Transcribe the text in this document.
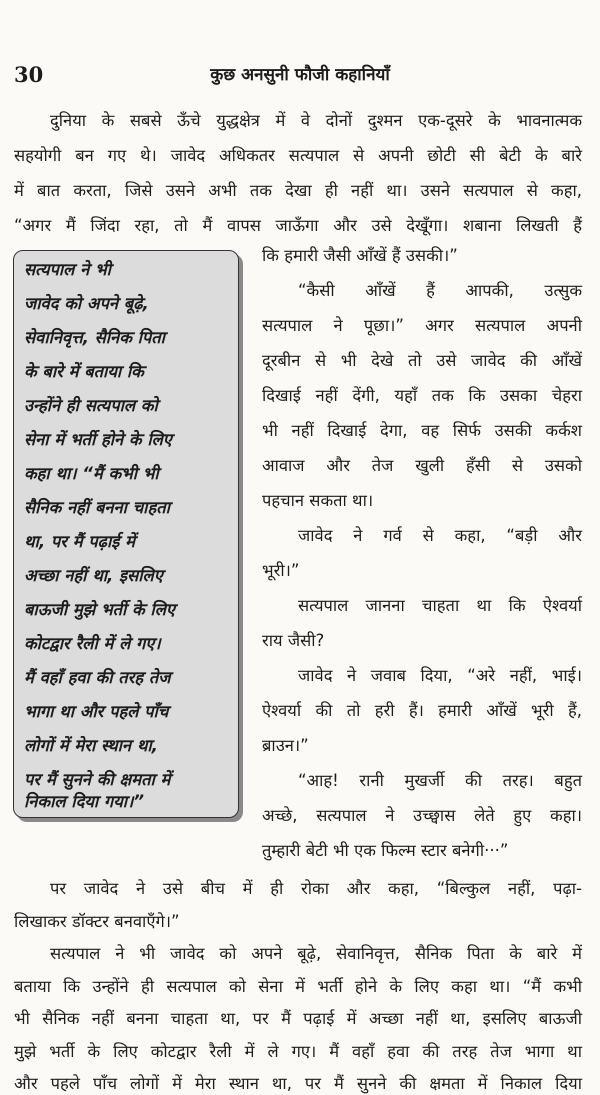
30	कुछ अनसुनी फौजी कहानियाँ
दुनिया के सबसे ऊँचे युद्धक्षेत्र में वे दोनों दुश्मन एक-दूसरे के भावनात्मक
सहयोगी बन गए थे। जावेद अधिकतर सत्यपाल से अपनी छोटी सी बेटी के बारे
में बात करता, जिसे उसने अभी तक देखा ही नहीं था। उसने सत्यपाल से कहा,
“अगर मैं जिंदा रहा, तो मैं वापस जाऊँगा और उसे देखूँगा। शबाना लिखती हैं
सत्यपाल ने भी
जावेद को अपने बूढ़े,
सेवानिवृत्त, सैनिक पिता
के बारे में बताया कि
उन्होंने ही सत्यपाल को
सेना में भर्ती होने के लिए
कहा था। “मैं कभी भी
सैनिक नहीं बनना चाहता
था, पर मैं पढ़ाई में
अच्छा नहीं था, इसलिए
बाऊजी मुझे भर्ती के लिए
कोटद्वार रैली में ले गए।
मैं वहाँ हवा की तरह तेज
भागा था और पहले पाँच
लोगों में मेरा स्थान था,
पर मैं सुनने की क्षमता में
निकाल दिया गया।”
कि हमारी जैसी आँखें हैं उसकी।”
“कैसी आँखें हैं आपकी, उत्सुक
सत्यपाल ने पूछा।” अगर सत्यपाल अपनी
दूरबीन से भी देखे तो उसे जावेद की आँखें
दिखाई नहीं देंगी, यहाँ तक कि उसका चेहरा
भी नहीं दिखाई देगा, वह सिर्फ उसकी कर्कश
आवाज और तेज खुली हँसी से उसको
पहचान सकता था।
जावेद ने गर्व से कहा, “बड़ी और
भूरी।”
सत्यपाल जानना चाहता था कि ऐश्वर्या
राय जैसी?
जावेद ने जवाब दिया, “अरे नहीं, भाई।
ऐश्वर्या की तो हरी हैं। हमारी आँखें भूरी हैं,
ब्राउन।”
“आह! रानी मुखर्जी की तरह। बहुत
अच्छे, सत्यपाल ने उच्छ्वास लेते हुए कहा।
तुम्हारी बेटी भी एक फिल्म स्टार बनेगी···”
पर जावेद ने उसे बीच में ही रोका और कहा, “बिल्कुल नहीं, पढ़ा-
लिखाकर डॉक्टर बनवाएँगे।”
सत्यपाल ने भी जावेद को अपने बूढ़े, सेवानिवृत्त, सैनिक पिता के बारे में
बताया कि उन्होंने ही सत्यपाल को सेना में भर्ती होने के लिए कहा था। “मैं कभी
भी सैनिक नहीं बनना चाहता था, पर मैं पढ़ाई में अच्छा नहीं था, इसलिए बाऊजी
मुझे भर्ती के लिए कोटद्वार रैली में ले गए। मैं वहाँ हवा की तरह तेज भागा था
और पहले पाँच लोगों में मेरा स्थान था, पर मैं सुनने की क्षमता में निकाल दिया
